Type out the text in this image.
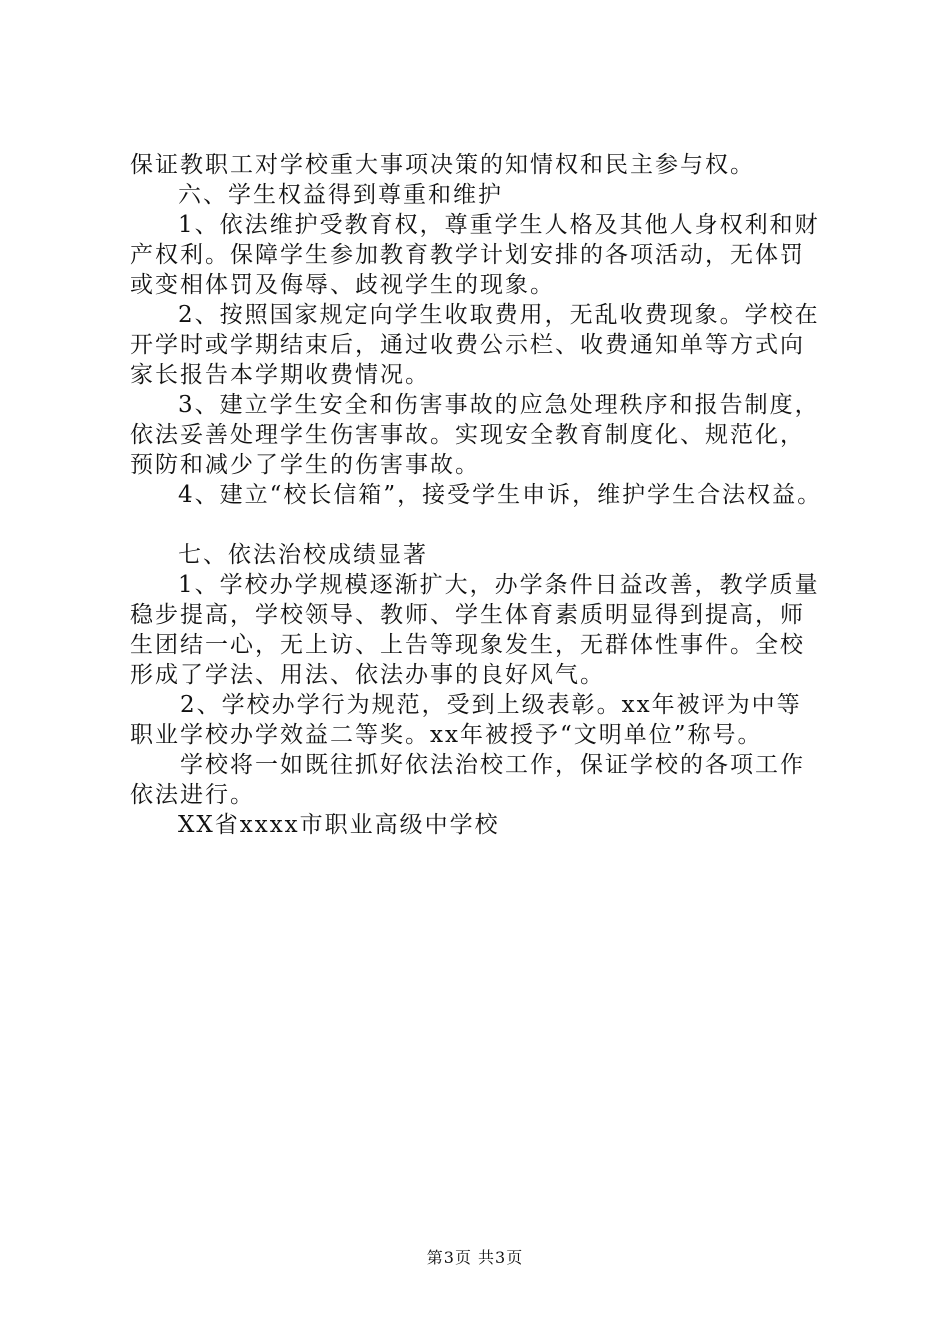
保证教职工对学校重大事项决策的知情权和民主参与权。
六、学生权益得到尊重和维护
1、依法维护受教育权，尊重学生人格及其他人身权利和财
产权利。保障学生参加教育教学计划安排的各项活动，无体罚
或变相体罚及侮辱、歧视学生的现象。
2、按照国家规定向学生收取费用，无乱收费现象。学校在
开学时或学期结束后，通过收费公示栏、收费通知单等方式向
家长报告本学期收费情况。
3、建立学生安全和伤害事故的应急处理秩序和报告制度，
依法妥善处理学生伤害事故。实现安全教育制度化、规范化，
预防和减少了学生的伤害事故。
4、建立“校长信箱”，接受学生申诉，维护学生合法权益。
七、依法治校成绩显著
1、学校办学规模逐渐扩大，办学条件日益改善，教学质量
稳步提高，学校领导、教师、学生体育素质明显得到提高，师
生团结一心，无上访、上告等现象发生，无群体性事件。全校
形成了学法、用法、依法办事的良好风气。
2、学校办学行为规范，受到上级表彰。xx年被评为中等
职业学校办学效益二等奖。xx年被授予“文明单位”称号。
学校将一如既往抓好依法治校工作，保证学校的各项工作
依法进行。
XX省xxxx市职业高级中学校
第3页 共3页
